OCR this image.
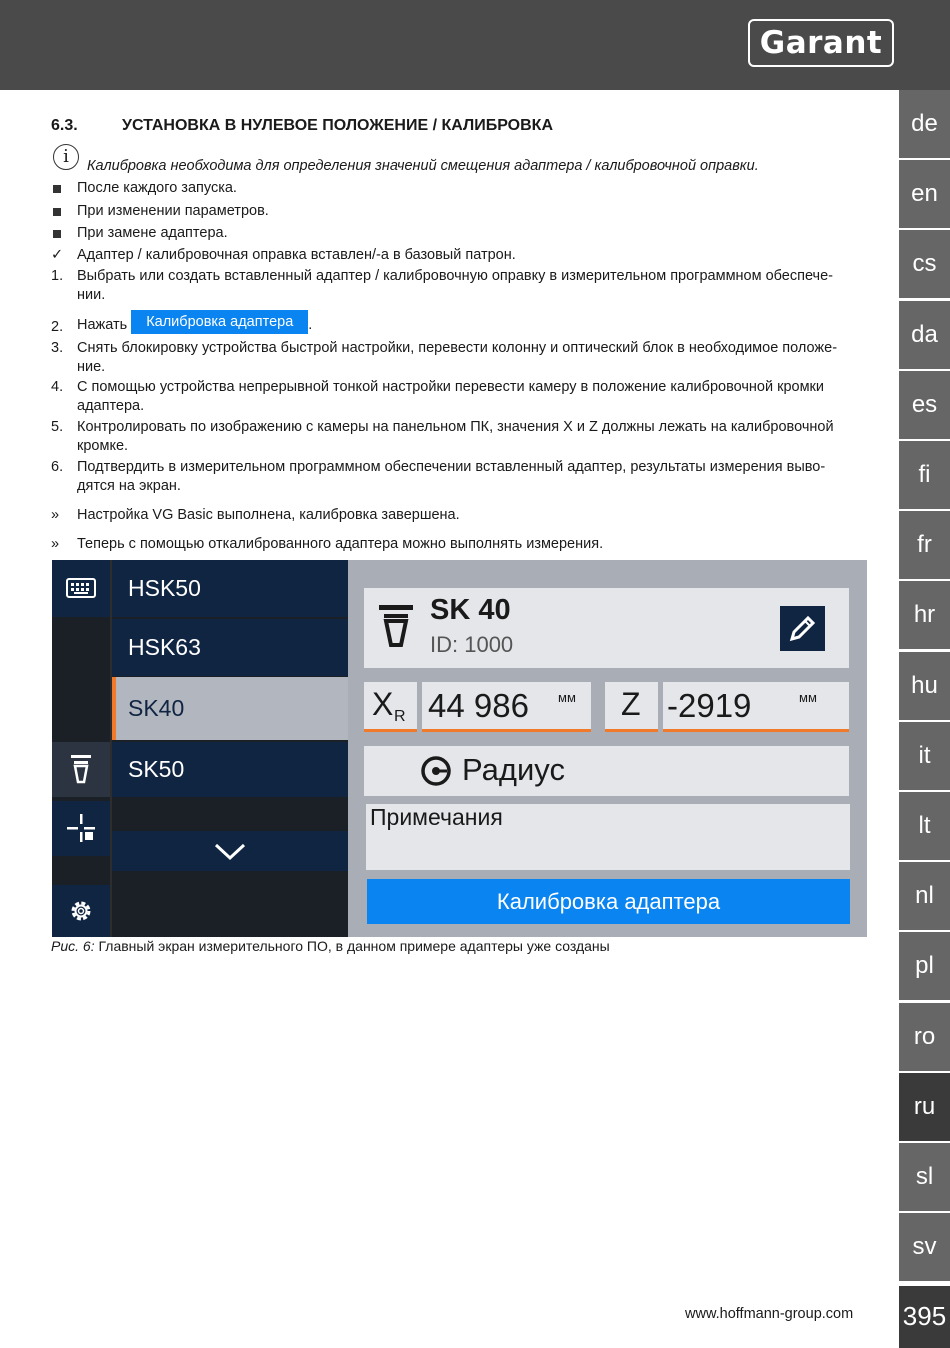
Garant
de
en
cs
da
es
fi
fr
hr
hu
it
lt
nl
pl
ro
ru
sl
sv
395
6.3.	УСТАНОВКА В НУЛЕВОЕ ПОЛОЖЕНИЕ / КАЛИБРОВКА
i	Калибровка необходима для определения значений смещения адаптера / калибровочной оправки.
После каждого запуска.
При изменении параметров.
При замене адаптера.
✓ Адаптер / калибровочная оправка вставлен/-а в базовый патрон.
1. Выбрать или создать вставленный адаптер / калибровочную оправку в измерительном программном обеспече-
нии.
2. Нажать Калибровка адаптера .
3. Снять блокировку устройства быстрой настройки, перевести колонну и оптический блок в необходимое положе-
ние.
4. С помощью устройства непрерывной тонкой настройки перевести камеру в положение калибровочной кромки
адаптера.
5. Контролировать по изображению с камеры на панельном ПК, значения X и Z должны лежать на калибровочной
кромке.
6. Подтвердить в измерительном программном обеспечении вставленный адаптер, результаты измерения выво-
дятся на экран.
» Настройка VG Basic выполнена, калибровка завершена.
» Теперь с помощью откалиброванного адаптера можно выполнять измерения.
HSK50
HSK63
SK40
SK50
SK 40
ID: 1000
X R 44 986 мм Z -2919	мм
Радиус
Примечания
Калибровка адаптера
Рис. 6: Главный экран измерительного ПО, в данном примере адаптеры уже созданы
www.hoffmann-group.com
